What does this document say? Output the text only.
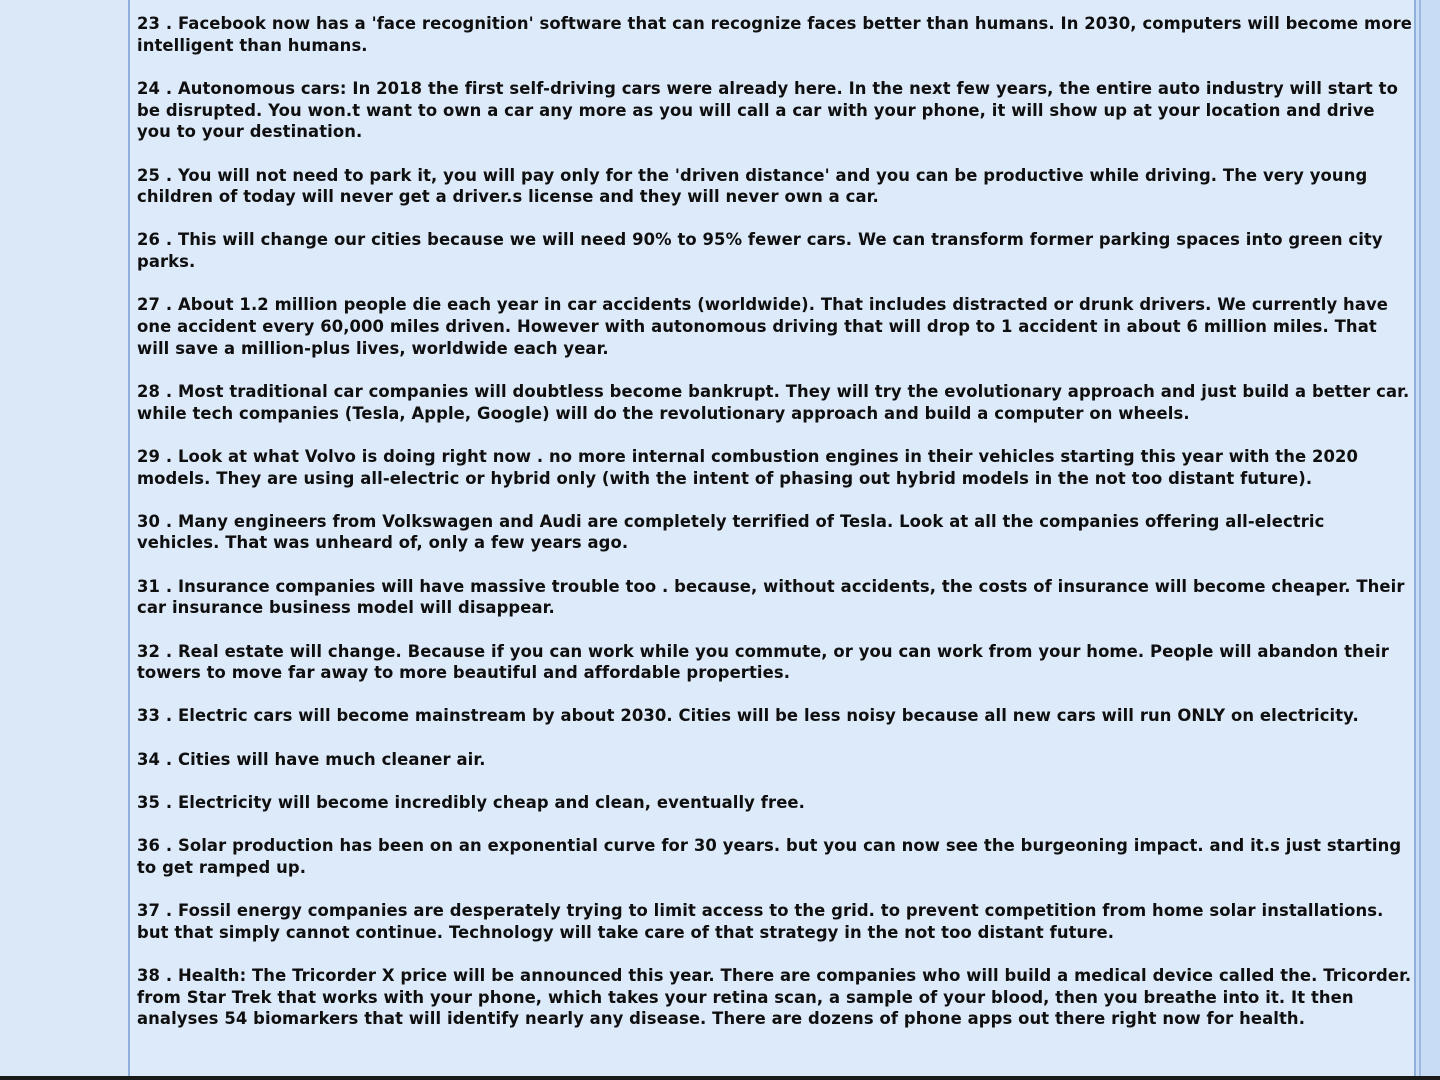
23 . Facebook now has a 'face recognition' software that can recognize faces better than humans. In 2030, computers will become more intelligent than humans.
24 . Autonomous cars: In 2018 the first self-driving cars were already here. In the next few years, the entire auto industry will start to be disrupted. You won.t want to own a car any more as you will call a car with your phone, it will show up at your location and drive you to your destination.
25 . You will not need to park it, you will pay only for the 'driven distance' and you can be productive while driving. The very young children of today will never get a driver.s license and they will never own a car.
26 . This will change our cities because we will need 90% to 95% fewer cars. We can transform former parking spaces into green city parks.
27 . About 1.2 million people die each year in car accidents (worldwide). That includes distracted or drunk drivers. We currently have one accident every 60,000 miles driven. However with autonomous driving that will drop to 1 accident in about 6 million miles. That will save a million-plus lives, worldwide each year.
28 . Most traditional car companies will doubtless become bankrupt. They will try the evolutionary approach and just build a better car. while tech companies (Tesla, Apple, Google) will do the revolutionary approach and build a computer on wheels.
29 . Look at what Volvo is doing right now . no more internal combustion engines in their vehicles starting this year with the 2020 models. They are using all-electric or hybrid only (with the intent of phasing out hybrid models in the not too distant future).
30 . Many engineers from Volkswagen and Audi are completely terrified of Tesla. Look at all the companies offering all-electric vehicles. That was unheard of, only a few years ago.
31 . Insurance companies will have massive trouble too . because, without accidents, the costs of insurance will become cheaper. Their car insurance business model will disappear.
32 . Real estate will change. Because if you can work while you commute, or you can work from your home. People will abandon their towers to move far away to more beautiful and affordable properties.
33 . Electric cars will become mainstream by about 2030. Cities will be less noisy because all new cars will run ONLY on electricity.
34 . Cities will have much cleaner air.
35 . Electricity will become incredibly cheap and clean, eventually free.
36 . Solar production has been on an exponential curve for 30 years. but you can now see the burgeoning impact. and it.s just starting to get ramped up.
37 . Fossil energy companies are desperately trying to limit access to the grid. to prevent competition from home solar installations. but that simply cannot continue. Technology will take care of that strategy in the not too distant future.
38 . Health: The Tricorder X price will be announced this year. There are companies who will build a medical device called the. Tricorder. from Star Trek that works with your phone, which takes your retina scan, a sample of your blood, then you breathe into it. It then analyses 54 biomarkers that will identify nearly any disease. There are dozens of phone apps out there right now for health.
